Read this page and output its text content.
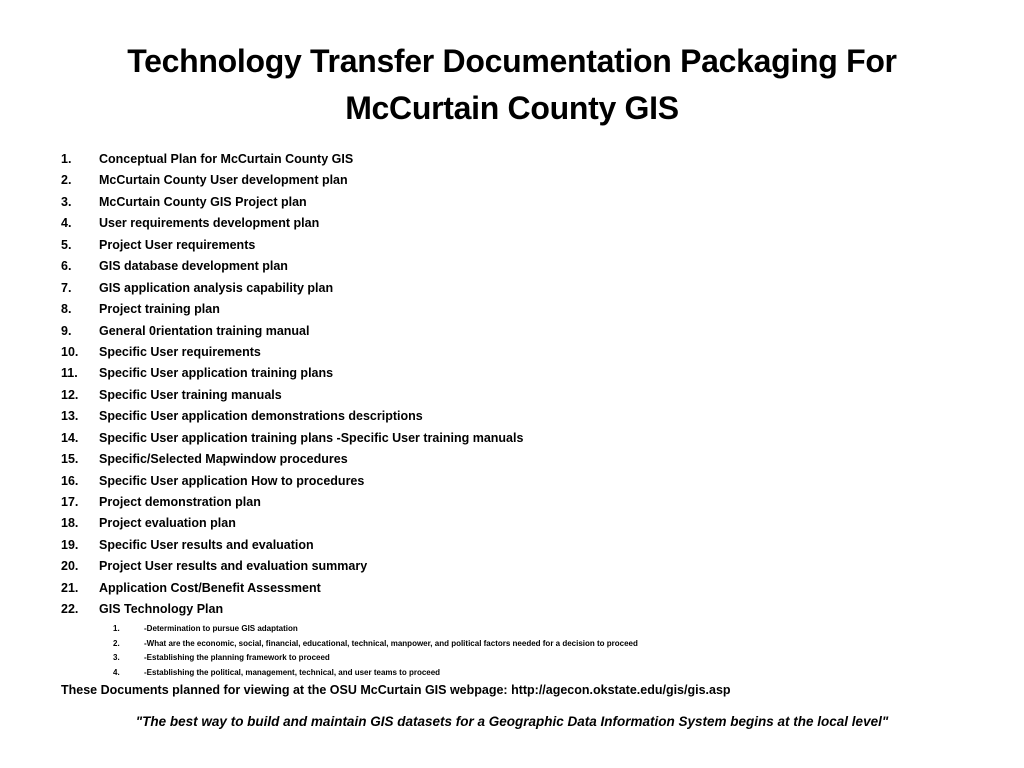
Technology Transfer Documentation Packaging For
McCurtain County GIS
1.	Conceptual Plan for McCurtain County GIS
2.	McCurtain County User development plan
3.	McCurtain County GIS Project plan
4.	User requirements development plan
5.	Project User requirements
6.	GIS database development plan
7.	GIS application analysis capability plan
8.	Project training plan
9.	General 0rientation training manual
10.	Specific User requirements
11.	Specific User application training plans
12.	Specific User training manuals
13.	Specific User application demonstrations descriptions
14.	Specific User application training plans -Specific User training manuals
15.	Specific/Selected Mapwindow procedures
16.	Specific User application How to procedures
17.	Project demonstration plan
18.	Project evaluation plan
19.	Specific User results and evaluation
20.	Project User results and evaluation summary
21.	Application Cost/Benefit Assessment
22.	GIS Technology Plan
1.	-Determination to pursue GIS adaptation
2.	-What are the economic, social, financial, educational, technical, manpower, and political factors needed for a decision to proceed
3.	-Establishing the planning framework to proceed
4.	-Establishing the political, management, technical, and user teams to proceed
These Documents planned for viewing at the OSU McCurtain GIS webpage: http://agecon.okstate.edu/gis/gis.asp
"The best way to build and maintain GIS datasets for a Geographic Data Information System begins at the local level"
